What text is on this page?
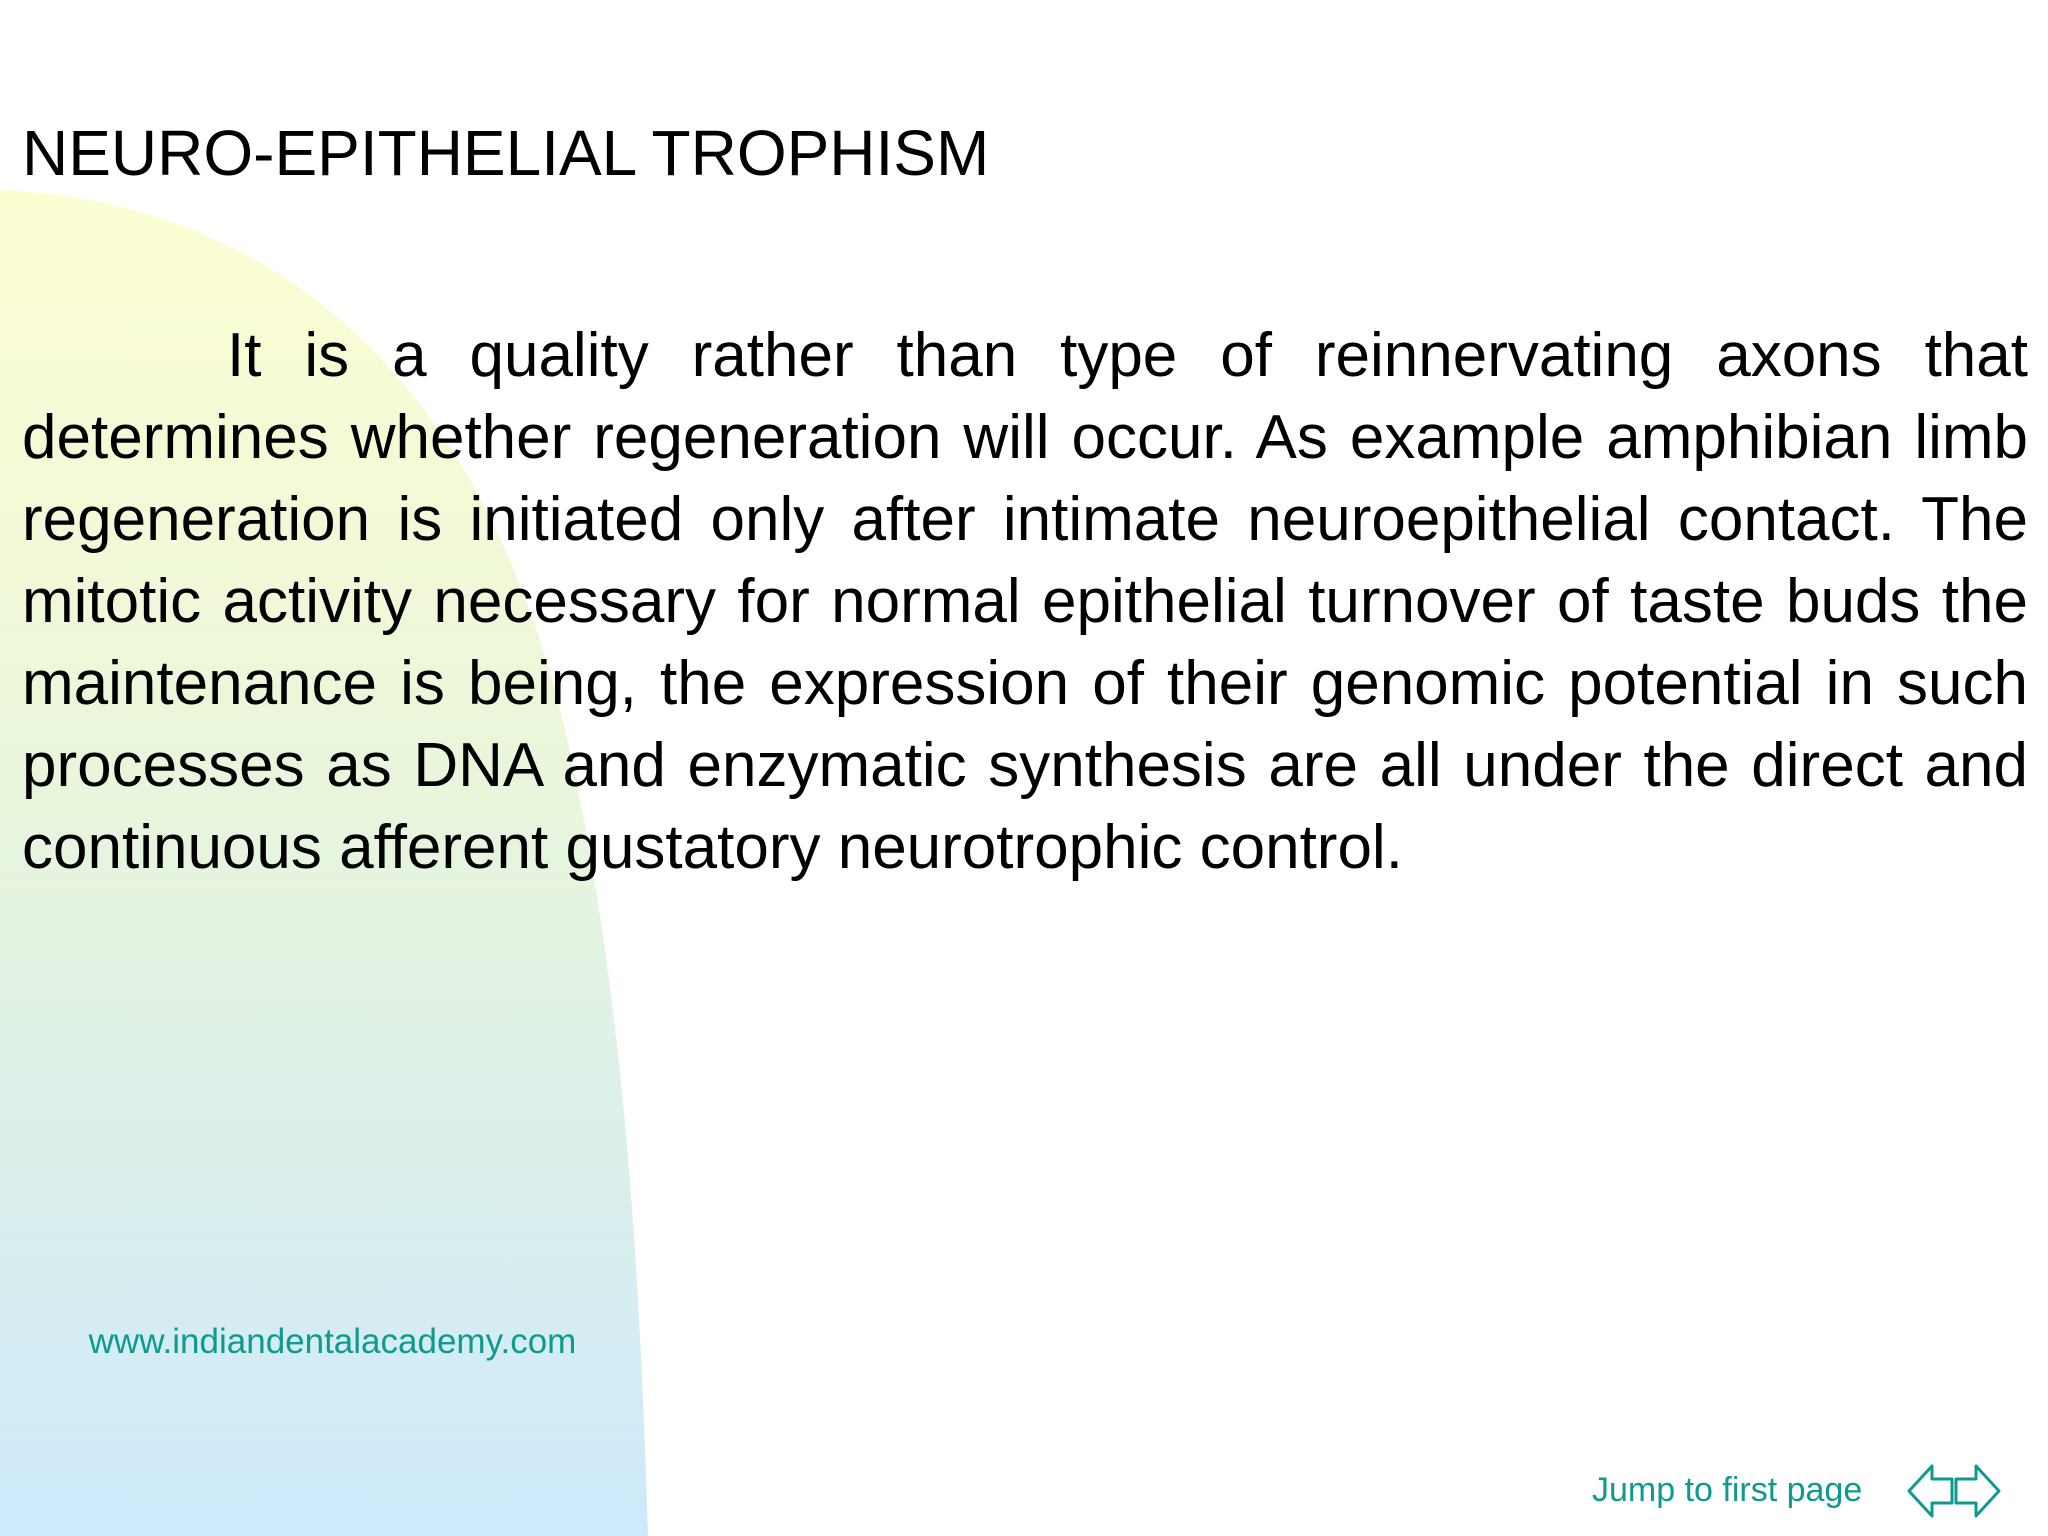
NEURO-EPITHELIAL TROPHISM

It is a quality rather than type of reinnervating axons that determines whether regeneration will occur. As example amphibian limb regeneration is initiated only after intimate neuroepithelial contact. The mitotic activity necessary for normal epithelial turnover of taste buds the maintenance is being, the expression of their genomic potential in such processes as DNA and enzymatic synthesis are all under the direct and continuous afferent gustatory neurotrophic control.

www.indiandentalacademy.com
Jump to first page
